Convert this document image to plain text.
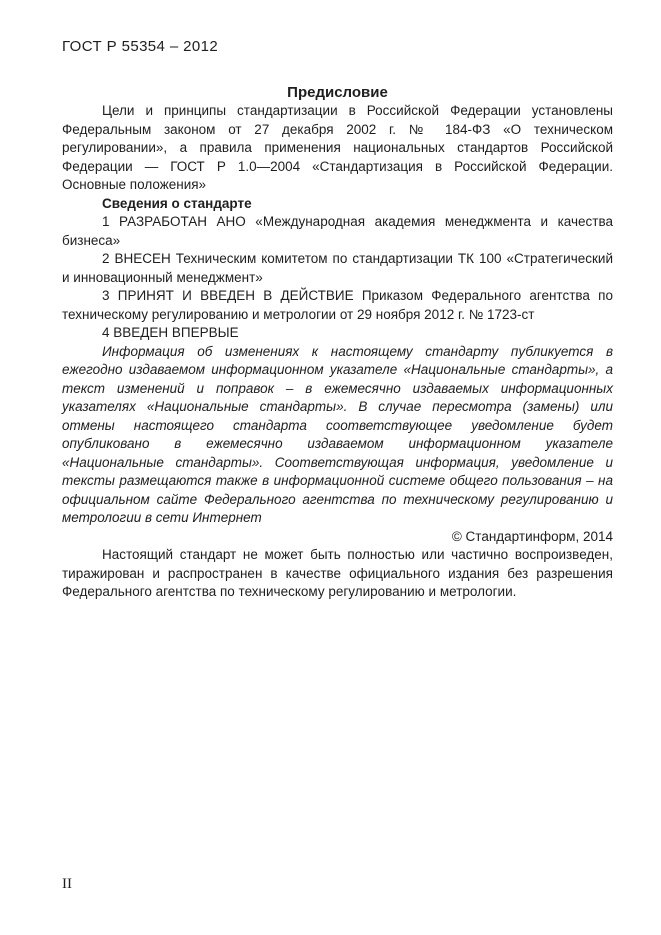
ГОСТ Р 55354 – 2012
Предисловие

Цели и принципы стандартизации в Российской Федерации установлены Федеральным законом от 27 декабря 2002 г. № 184-ФЗ «О техническом регулировании», а правила применения национальных стандартов Российской Федерации — ГОСТ Р 1.0—2004 «Стандартизация в Российской Федерации. Основные положения»

Сведения о стандарте

1 РАЗРАБОТАН АНО «Международная академия менеджмента и качества бизнеса»

2 ВНЕСЕН Техническим комитетом по стандартизации ТК 100 «Стратегический и инновационный менеджмент»

3 ПРИНЯТ И ВВЕДЕН В ДЕЙСТВИЕ Приказом Федерального агентства по техническому регулированию и метрологии от 29 ноября 2012 г. № 1723-ст

4 ВВЕДЕН ВПЕРВЫЕ

Информация об изменениях к настоящему стандарту публикуется в ежегодно издаваемом информационном указателе «Национальные стандарты», а текст изменений и поправок – в ежемесячно издаваемых информационных указателях «Национальные стандарты». В случае пересмотра (замены) или отмены настоящего стандарта соответствующее уведомление будет опубликовано в ежемесячно издаваемом информационном указателе «Национальные стандарты». Соответствующая информация, уведомление и тексты размещаются также в информационной системе общего пользования – на официальном сайте Федерального агентства по техническому регулированию и метрологии в сети Интернет

© Стандартинформ, 2014

Настоящий стандарт не может быть полностью или частично воспроизведен, тиражирован и распространен в качестве официального издания без разрешения Федерального агентства по техническому регулированию и метрологии.

II
